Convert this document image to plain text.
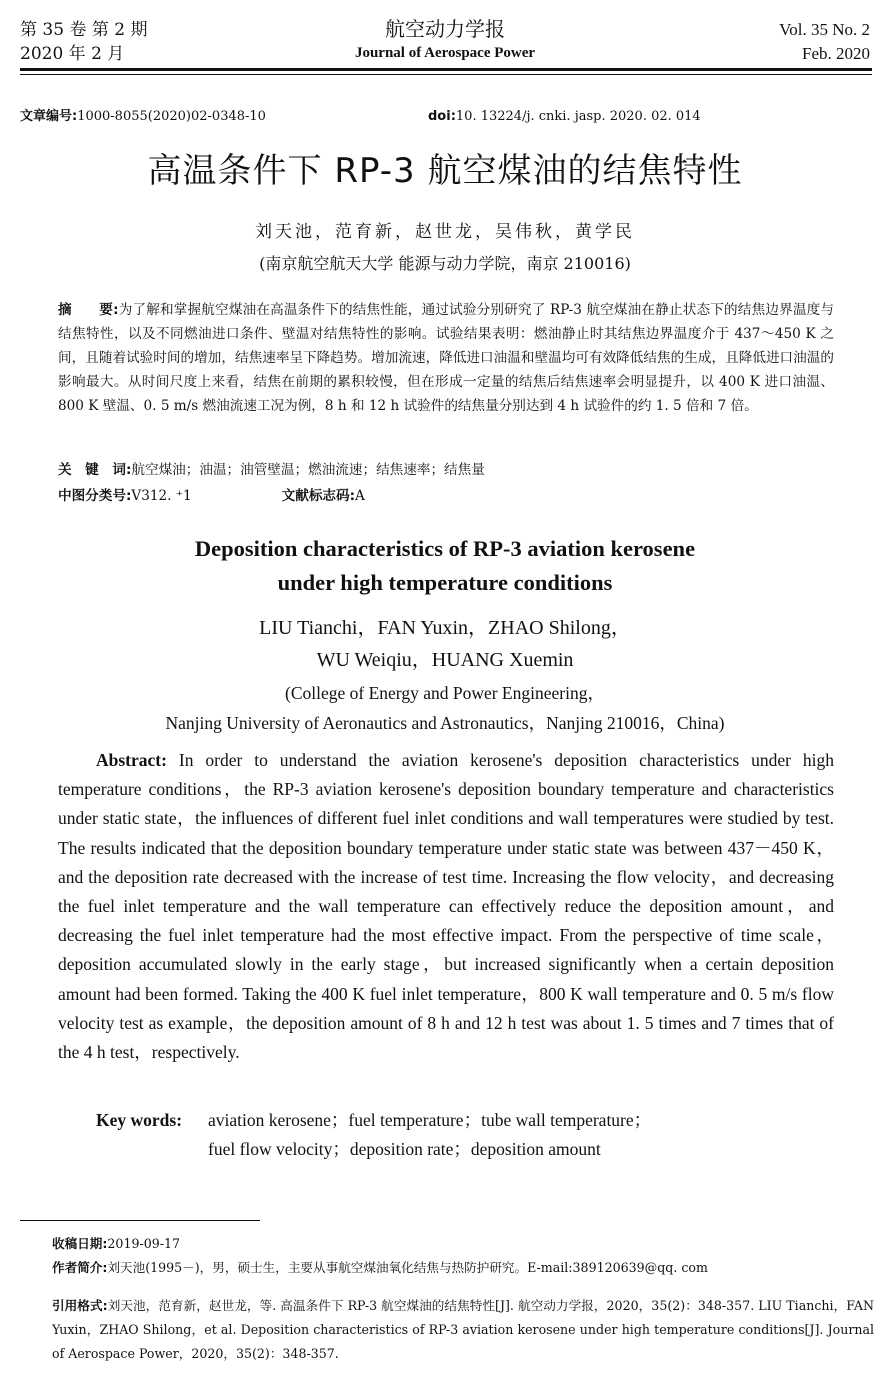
第 35 卷 第 2 期
2020 年 2 月
航空动力学报
Journal of Aerospace Power
Vol. 35 No. 2
Feb. 2020
文章编号:1000-8055(2020)02-0348-10	doi:10. 13224/j. cnki. jasp. 2020. 02. 014
高温条件下 RP-3 航空煤油的结焦特性
刘天池，范育新，赵世龙，吴伟秋，黄学民
(南京航空航天大学 能源与动力学院，南京 210016)
摘　　要:为了解和掌握航空煤油在高温条件下的结焦性能，通过试验分别研究了 RP-3 航空煤油在静止状态下的结焦边界温度与结焦特性，以及不同燃油进口条件、壁温对结焦特性的影响。试验结果表明：燃油静止时其结焦边界温度介于 437～450 K 之间，且随着试验时间的增加，结焦速率呈下降趋势。增加流速，降低进口油温和壁温均可有效降低结焦的生成，且降低进口油温的影响最大。从时间尺度上来看，结焦在前期的累积较慢，但在形成一定量的结焦后结焦速率会明显提升，以 400 K 进口油温、800 K 壁温、0. 5 m/s 燃油流速工况为例，8 h 和 12 h 试验件的结焦量分别达到 4 h 试验件的约 1. 5 倍和 7 倍。
关　键　词:航空煤油；油温；油管壁温；燃油流速；结焦速率；结焦量
中图分类号:V312. ⁺1	文献标志码:A
Deposition characteristics of RP-3 aviation kerosene
under high temperature conditions
LIU Tianchi，FAN Yuxin，ZHAO Shilong，
WU Weiqiu，HUANG Xuemin
(College of Energy and Power Engineering，
Nanjing University of Aeronautics and Astronautics，Nanjing 210016，China)
Abstract: In order to understand the aviation kerosene's deposition characteristics under high temperature conditions，the RP-3 aviation kerosene's deposition boundary temperature and characteristics under static state，the influences of different fuel inlet conditions and wall temperatures were studied by test. The results indicated that the deposition boundary temperature under static state was between 437－450 K，and the deposition rate decreased with the increase of test time. Increasing the flow velocity，and decreasing the fuel inlet temperature and the wall temperature can effectively reduce the deposition amount，and decreasing the fuel inlet temperature had the most effective impact. From the perspective of time scale，deposition accumulated slowly in the early stage，but increased significantly when a certain deposition amount had been formed. Taking the 400 K fuel inlet temperature，800 K wall temperature and 0. 5 m/s flow velocity test as example，the deposition amount of 8 h and 12 h test was about 1. 5 times and 7 times that of the 4 h test，respectively.
Key words: aviation kerosene；fuel temperature；tube wall temperature；
fuel flow velocity；deposition rate；deposition amount
收稿日期:2019-09-17
作者简介:刘天池(1995－)，男，硕士生，主要从事航空煤油氧化结焦与热防护研究。E-mail:389120639@qq. com
引用格式:刘天池，范育新，赵世龙，等. 高温条件下 RP-3 航空煤油的结焦特性[J]. 航空动力学报，2020，35(2)：348-357. LIU Tianchi，FAN Yuxin，ZHAO Shilong，et al. Deposition characteristics of RP-3 aviation kerosene under high temperature conditions[J]. Journal of Aerospace Power，2020，35(2)：348-357.
